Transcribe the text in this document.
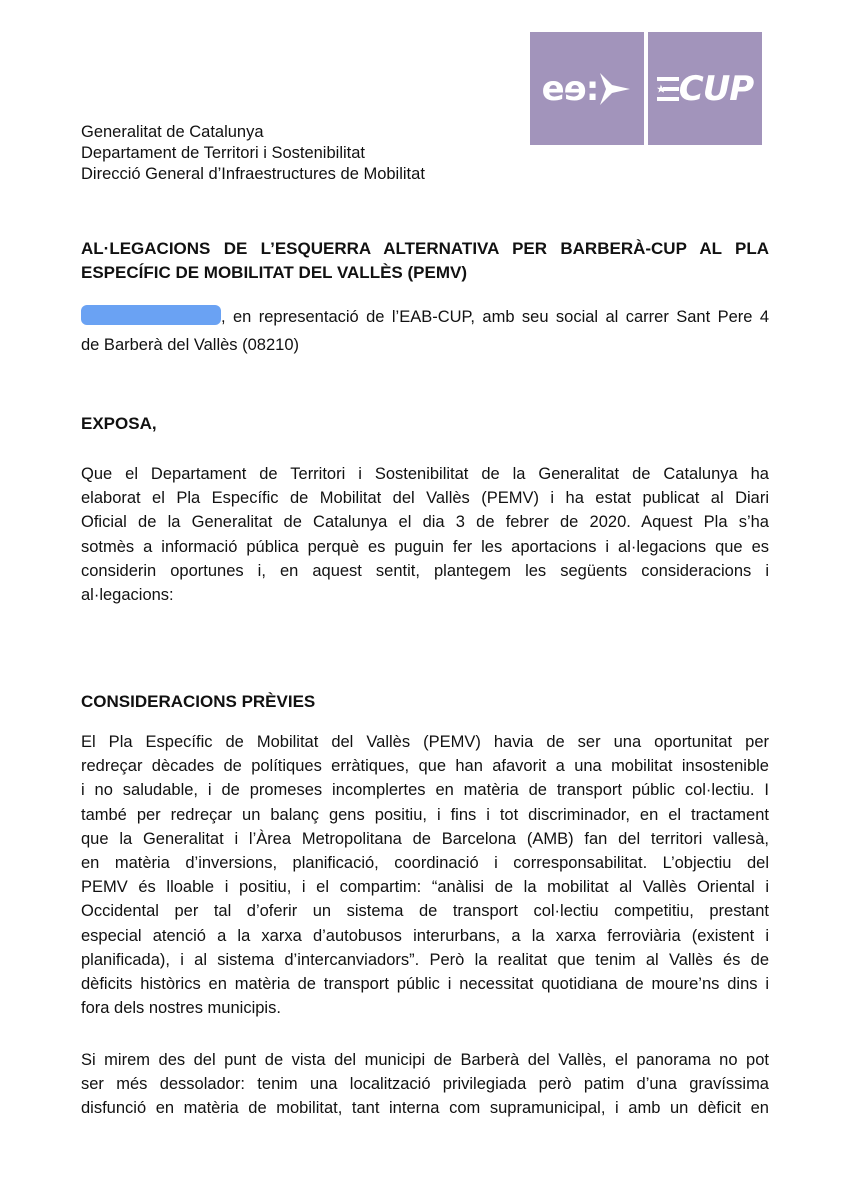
eɘ: CUP
Generalitat de Catalunya
Departament de Territori i Sostenibilitat
Direcció General d’Infraestructures de Mobilitat
AL·LEGACIONS DE L’ESQUERRA ALTERNATIVA PER BARBERÀ-CUP AL PLA
ESPECÍFIC DE MOBILITAT DEL VALLÈS (PEMV)
, en representació de l’EAB-CUP, amb seu social al carrer Sant Pere 4
de Barberà del Vallès (08210)
EXPOSA,
Que el Departament de Territori i Sostenibilitat de la Generalitat de Catalunya ha
elaborat el Pla Específic de Mobilitat del Vallès (PEMV) i ha estat publicat al Diari
Oficial de la Generalitat de Catalunya el dia 3 de febrer de 2020. Aquest Pla s’ha
sotmès a informació pública perquè es puguin fer les aportacions i al·legacions que es
considerin oportunes i, en aquest sentit, plantegem les següents consideracions i
al·legacions:
CONSIDERACIONS PRÈVIES
El Pla Específic de Mobilitat del Vallès (PEMV) havia de ser una oportunitat per
redreçar dècades de polítiques erràtiques, que han afavorit a una mobilitat insostenible
i no saludable, i de promeses incomplertes en matèria de transport públic col·lectiu. I
també per redreçar un balanç gens positiu, i fins i tot discriminador, en el tractament
que la Generalitat i l’Àrea Metropolitana de Barcelona (AMB) fan del territori vallesà,
en matèria d’inversions, planificació, coordinació i corresponsabilitat. L’objectiu del
PEMV és lloable i positiu, i el compartim: “anàlisi de la mobilitat al Vallès Oriental i
Occidental per tal d’oferir un sistema de transport col·lectiu competitiu, prestant
especial atenció a la xarxa d’autobusos interurbans, a la xarxa ferroviària (existent i
planificada), i al sistema d’intercanviadors”. Però la realitat que tenim al Vallès és de
dèficits històrics en matèria de transport públic i necessitat quotidiana de moure’ns dins i
fora dels nostres municipis.
Si mirem des del punt de vista del municipi de Barberà del Vallès, el panorama no pot
ser més dessolador: tenim una localització privilegiada però patim d’una gravíssima
disfunció en matèria de mobilitat, tant interna com supramunicipal, i amb un dèficit en
